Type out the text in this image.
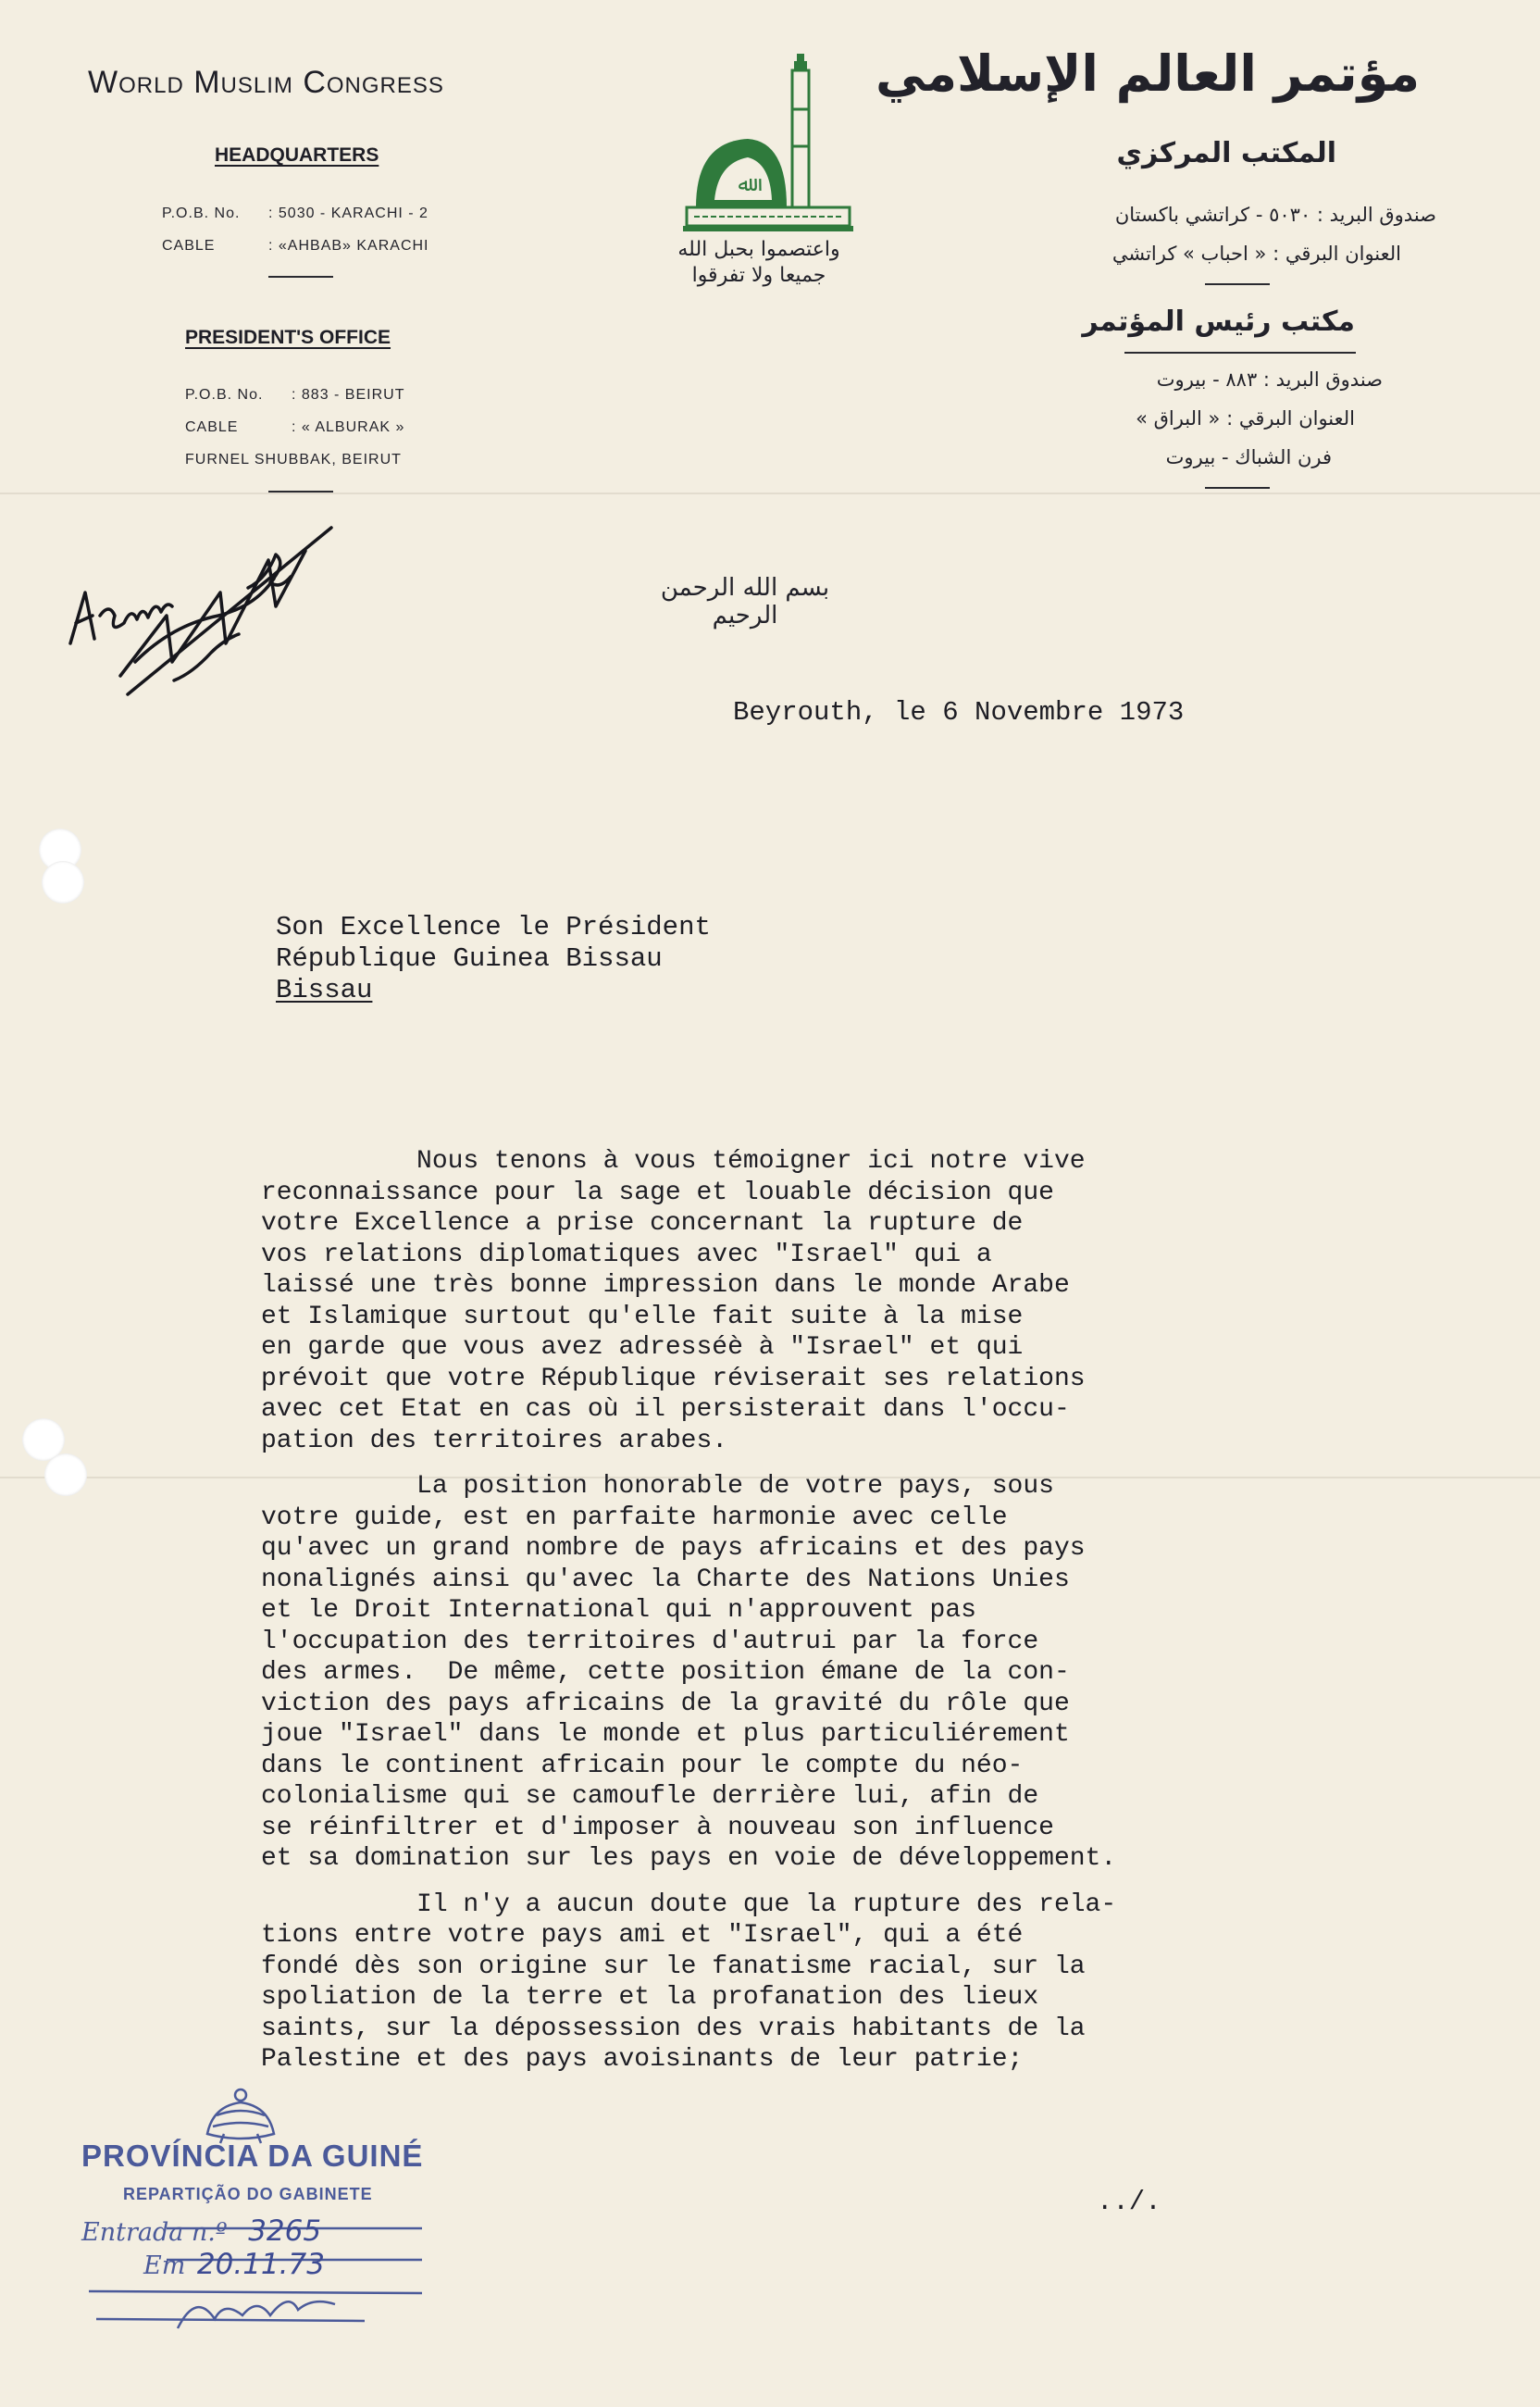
World Muslim Congress
HEADQUARTERS
P.O.B. No. : 5030 - KARACHI - 2
CABLE	: «AHBAB» KARACHI
PRESIDENT'S OFFICE
P.O.B. No. : 883 - BEIRUT
CABLE	: « ALBURAK »
FURNEL SHUBBAK, BEIRUT
ﷲ
واعتصموا بحبل الله جميعا ولا تفرقوا
مؤتمر العالم الإسلامي
المكتب المركزي
صندوق البريد : ٥٠٣٠ - كراتشي باكستان
العنوان البرقي : « احباب » كراتشي
مكتب رئيس المؤتمر
صندوق البريد : ٨٨٣ - بيروت
العنوان البرقي : « البراق »
فرن الشباك - بيروت
بسم الله الرحمن الرحيم
Beyrouth, le 6 Novembre 1973
Son Excellence le Président
République Guinea Bissau
Bissau

Nous tenons à vous témoigner ici notre vive
reconnaissance pour la sage et louable décision que
votre Excellence a prise concernant la rupture de
vos relations diplomatiques avec "Israel" qui a
laissé une très bonne impression dans le monde Arabe
et Islamique surtout qu'elle fait suite à la mise
en garde que vous avez adresséè à "Israel" et qui
prévoit que votre République réviserait ses relations
avec cet Etat en cas où il persisterait dans l'occu-
pation des territoires arabes.

La position honorable de votre pays, sous
votre guide, est en parfaite harmonie avec celle
qu'avec un grand nombre de pays africains et des pays
nonalignés ainsi qu'avec la Charte des Nations Unies
et le Droit International qui n'approuvent pas
l'occupation des territoires d'autrui par la force
des armes.  De même, cette position émane de la con-
viction des pays africains de la gravité du rôle que
joue "Israel" dans le monde et plus particuliérement
dans le continent africain pour le compte du néo-
colonialisme qui se camoufle derrière lui, afin de
se réinfiltrer et d'imposer à nouveau son influence
et sa domination sur les pays en voie de développement.

Il n'y a aucun doute que la rupture des rela-
tions entre votre pays ami et "Israel", qui a été
fondé dès son origine sur le fanatisme racial, sur la
spoliation de la terre et la profanation des lieux
saints, sur la dépossession des vrais habitants de la
Palestine et des pays avoisinants de leur patrie;

../.
PROVÍNCIA DA GUINÉ
REPARTIÇÃO DO GABINETE
Entrada n.º 3265
Em 20.11.73
